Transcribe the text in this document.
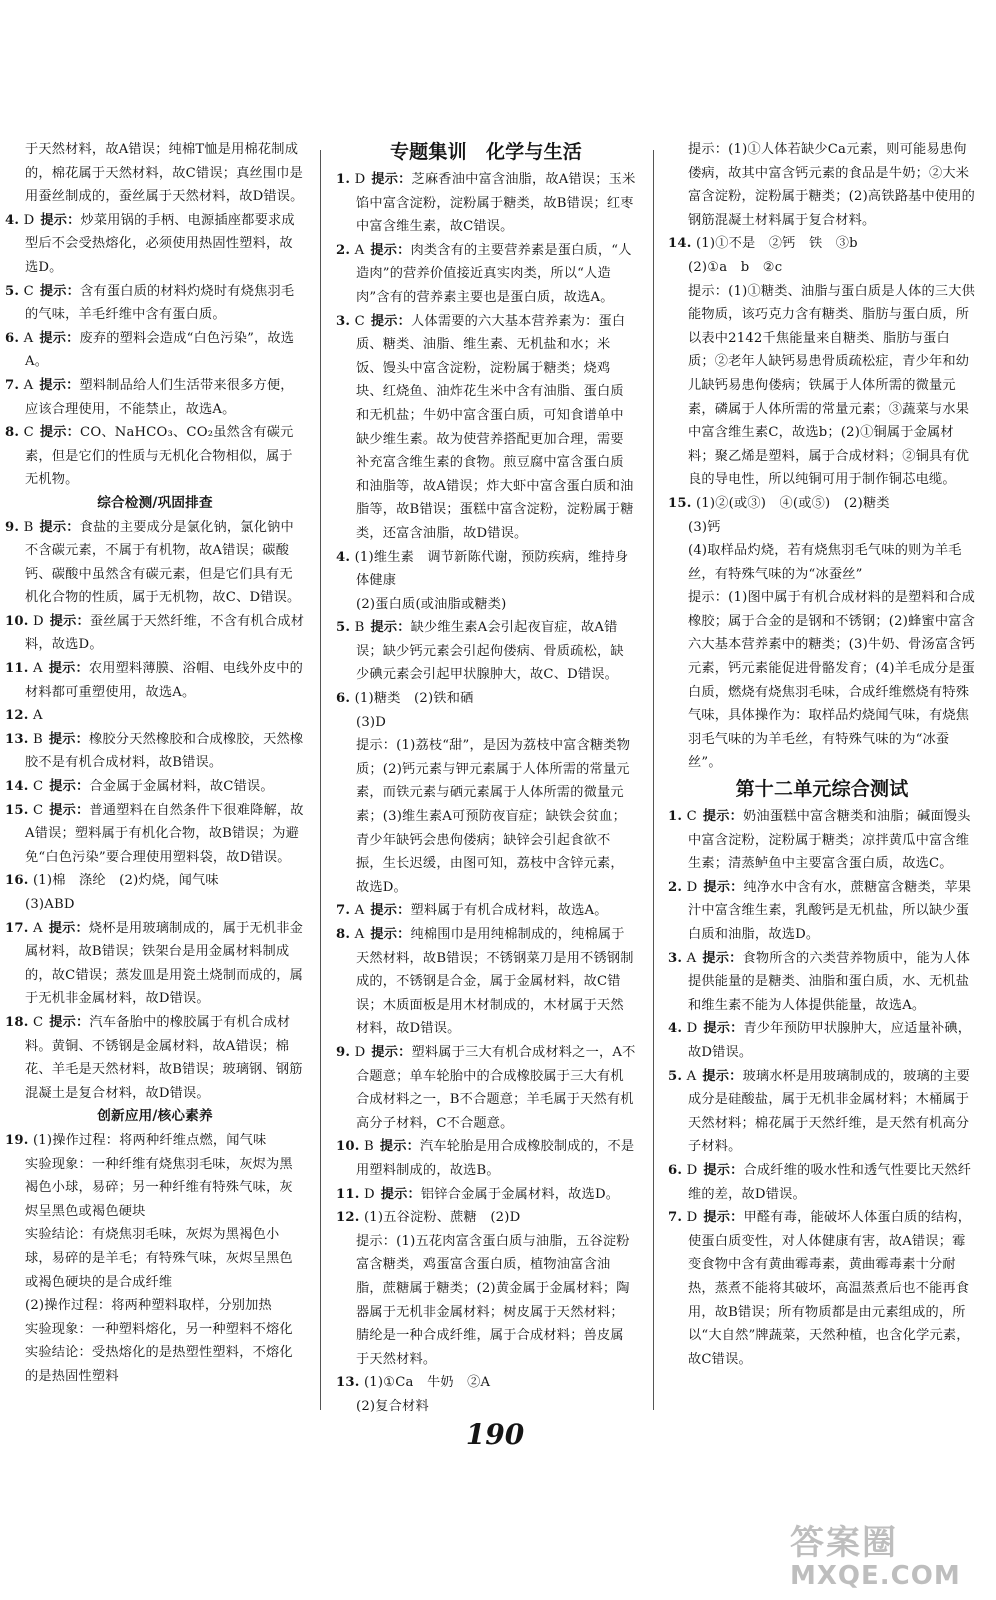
于天然材料，故A错误；纯棉T恤是用棉花制成的，棉花属于天然材料，故C错误；真丝围巾是用蚕丝制成的，蚕丝属于天然材料，故D错误。
4. D 提示：炒菜用锅的手柄、电源插座都要求成型后不会受热熔化，必须使用热固性塑料，故选D。
5. C 提示：含有蛋白质的材料灼烧时有烧焦羽毛的气味，羊毛纤维中含有蛋白质。
6. A 提示：废弃的塑料会造成“白色污染”，故选A。
7. A 提示：塑料制品给人们生活带来很多方便，应该合理使用，不能禁止，故选A。
8. C 提示：CO、NaHCO₃、CO₂虽然含有碳元素，但是它们的性质与无机化合物相似，属于无机物。
综合检测/巩固排查
9. B 提示：食盐的主要成分是氯化钠，氯化钠中不含碳元素，不属于有机物，故A错误；碳酸钙、碳酸中虽然含有碳元素，但是它们具有无机化合物的性质，属于无机物，故C、D错误。
10. D 提示：蚕丝属于天然纤维，不含有机合成材料，故选D。
11. A 提示：农用塑料薄膜、浴帽、电线外皮中的材料都可重塑使用，故选A。
12. A
13. B 提示：橡胶分天然橡胶和合成橡胶，天然橡胶不是有机合成材料，故B错误。
14. C 提示：合金属于金属材料，故C错误。
15. C 提示：普通塑料在自然条件下很难降解，故A错误；塑料属于有机化合物，故B错误；为避免“白色污染”要合理使用塑料袋，故D错误。
16. (1)棉　涤纶　(2)灼烧，闻气味
(3)ABD
17. A 提示：烧杯是用玻璃制成的，属于无机非金属材料，故B错误；铁架台是用金属材料制成的，故C错误；蒸发皿是用瓷土烧制而成的，属于无机非金属材料，故D错误。
18. C 提示：汽车备胎中的橡胶属于有机合成材料。黄铜、不锈钢是金属材料，故A错误；棉花、羊毛是天然材料，故B错误；玻璃钢、钢筋混凝土是复合材料，故D错误。
创新应用/核心素养
19. (1)操作过程：将两种纤维点燃，闻气味
实验现象：一种纤维有烧焦羽毛味，灰烬为黑褐色小球，易碎；另一种纤维有特殊气味，灰烬呈黑色或褐色硬块
实验结论：有烧焦羽毛味，灰烬为黑褐色小球，易碎的是羊毛；有特殊气味，灰烬呈黑色或褐色硬块的是合成纤维
(2)操作过程：将两种塑料取样，分别加热
实验现象：一种塑料熔化，另一种塑料不熔化
实验结论：受热熔化的是热塑性塑料，不熔化的是热固性塑料
专题集训　化学与生活
1. D 提示：芝麻香油中富含油脂，故A错误；玉米馅中富含淀粉，淀粉属于糖类，故B错误；红枣中富含维生素，故C错误。
2. A 提示：肉类含有的主要营养素是蛋白质，“人造肉”的营养价值接近真实肉类，所以“人造肉”含有的营养素主要也是蛋白质，故选A。
3. C 提示：人体需要的六大基本营养素为：蛋白质、糖类、油脂、维生素、无机盐和水；米饭、馒头中富含淀粉，淀粉属于糖类；烧鸡块、红烧鱼、油炸花生米中含有油脂、蛋白质和无机盐；牛奶中富含蛋白质，可知食谱单中缺少维生素。故为使营养搭配更加合理，需要补充富含维生素的食物。煎豆腐中富含蛋白质和油脂等，故A错误；炸大虾中富含蛋白质和油脂等，故B错误；蛋糕中富含淀粉，淀粉属于糖类，还富含油脂，故D错误。
4. (1)维生素　调节新陈代谢，预防疾病，维持身体健康
(2)蛋白质(或油脂或糖类)
5. B 提示：缺少维生素A会引起夜盲症，故A错误；缺少钙元素会引起佝偻病、骨质疏松，缺少碘元素会引起甲状腺肿大，故C、D错误。
6. (1)糖类　(2)铁和硒
(3)D
提示：(1)荔枝“甜”，是因为荔枝中富含糖类物质；(2)钙元素与钾元素属于人体所需的常量元素，而铁元素与硒元素属于人体所需的微量元素；(3)维生素A可预防夜盲症；缺铁会贫血；青少年缺钙会患佝偻病；缺锌会引起食欲不振，生长迟缓，由图可知，荔枝中含锌元素，故选D。
7. A 提示：塑料属于有机合成材料，故选A。
8. A 提示：纯棉围巾是用纯棉制成的，纯棉属于天然材料，故B错误；不锈钢菜刀是用不锈钢制成的，不锈钢是合金，属于金属材料，故C错误；木质面板是用木材制成的，木材属于天然材料，故D错误。
9. D 提示：塑料属于三大有机合成材料之一，A不合题意；单车轮胎中的合成橡胶属于三大有机合成材料之一，B不合题意；羊毛属于天然有机高分子材料，C不合题意。
10. B 提示：汽车轮胎是用合成橡胶制成的，不是用塑料制成的，故选B。
11. D 提示：铝锌合金属于金属材料，故选D。
12. (1)五谷淀粉、蔗糖　(2)D
提示：(1)五花肉富含蛋白质与油脂，五谷淀粉富含糖类，鸡蛋富含蛋白质，植物油富含油脂，蔗糖属于糖类；(2)黄金属于金属材料；陶器属于无机非金属材料；树皮属于天然材料；腈纶是一种合成纤维，属于合成材料；兽皮属于天然材料。
13. (1)①Ca　牛奶　②A
(2)复合材料
提示：(1)①人体若缺少Ca元素，则可能易患佝偻病，故其中富含钙元素的食品是牛奶；②大米富含淀粉，淀粉属于糖类；(2)高铁路基中使用的钢筋混凝土材料属于复合材料。
14. (1)①不是　②钙　铁　③b
(2)①a　b　②c
提示：(1)①糖类、油脂与蛋白质是人体的三大供能物质，该巧克力含有糖类、脂肪与蛋白质，所以表中2142千焦能量来自糖类、脂肪与蛋白质；②老年人缺钙易患骨质疏松症，青少年和幼儿缺钙易患佝偻病；铁属于人体所需的微量元素，磷属于人体所需的常量元素；③蔬菜与水果中富含维生素C，故选b；(2)①铜属于金属材料；聚乙烯是塑料，属于合成材料；②铜具有优良的导电性，所以纯铜可用于制作铜芯电缆。
15. (1)②(或③)　④(或⑤)　(2)糖类
(3)钙
(4)取样品灼烧，若有烧焦羽毛气味的则为羊毛丝，有特殊气味的为“冰蚕丝”
提示：(1)图中属于有机合成材料的是塑料和合成橡胶；属于合金的是钢和不锈钢；(2)蜂蜜中富含六大基本营养素中的糖类；(3)牛奶、骨汤富含钙元素，钙元素能促进骨骼发育；(4)羊毛成分是蛋白质，燃烧有烧焦羽毛味，合成纤维燃烧有特殊气味，具体操作为：取样品灼烧闻气味，有烧焦羽毛气味的为羊毛丝，有特殊气味的为“冰蚕丝”。
第十二单元综合测试
1. C 提示：奶油蛋糕中富含糖类和油脂；碱面馒头中富含淀粉，淀粉属于糖类；凉拌黄瓜中富含维生素；清蒸鲈鱼中主要富含蛋白质，故选C。
2. D 提示：纯净水中含有水，蔗糖富含糖类，苹果汁中富含维生素，乳酸钙是无机盐，所以缺少蛋白质和油脂，故选D。
3. A 提示：食物所含的六类营养物质中，能为人体提供能量的是糖类、油脂和蛋白质，水、无机盐和维生素不能为人体提供能量，故选A。
4. D 提示：青少年预防甲状腺肿大，应适量补碘，故D错误。
5. A 提示：玻璃水杯是用玻璃制成的，玻璃的主要成分是硅酸盐，属于无机非金属材料；木桶属于天然材料；棉花属于天然纤维，是天然有机高分子材料。
6. D 提示：合成纤维的吸水性和透气性要比天然纤维的差，故D错误。
7. D 提示：甲醛有毒，能破坏人体蛋白质的结构，使蛋白质变性，对人体健康有害，故A错误；霉变食物中含有黄曲霉毒素，黄曲霉毒素十分耐热，蒸煮不能将其破坏，高温蒸煮后也不能再食用，故B错误；所有物质都是由元素组成的，所以“大自然”牌蔬菜，天然种植，也含化学元素，故C错误。
190
答案圈
MXQE.COM
